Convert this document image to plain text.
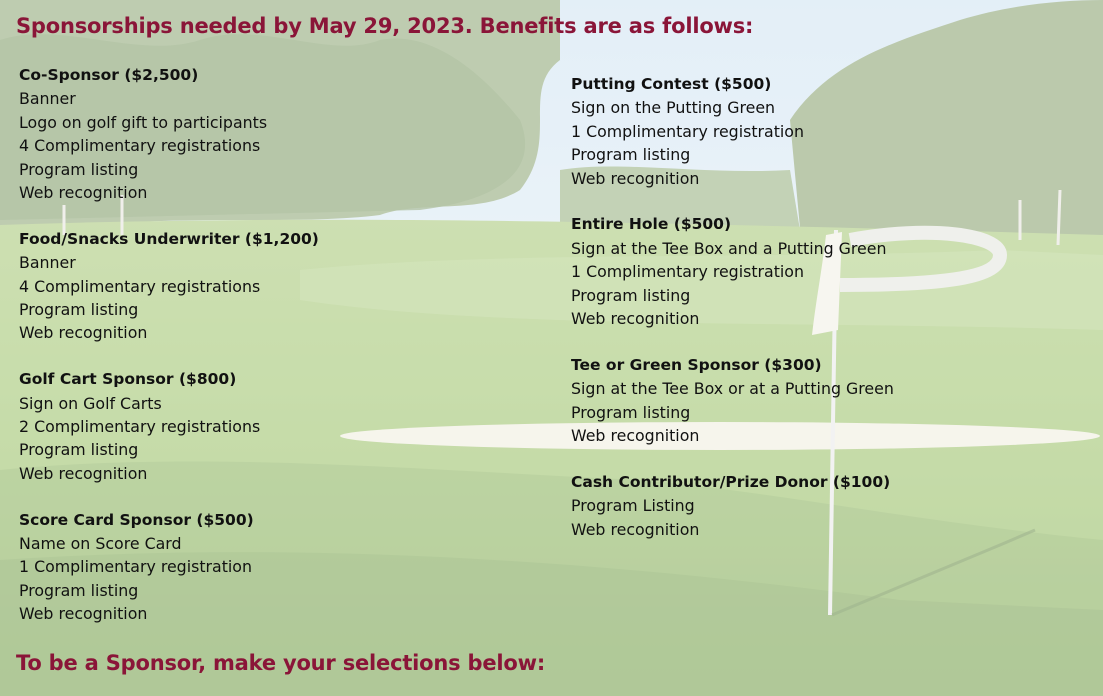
Sponsorships needed by May 29, 2023. Benefits are as follows:
Co-Sponsor ($2,500)
Banner
Logo on golf gift to participants
4 Complimentary registrations
Program listing
Web recognition
Food/Snacks Underwriter ($1,200)
Banner
4 Complimentary registrations
Program listing
Web recognition
Golf Cart Sponsor ($800)
Sign on Golf Carts
2 Complimentary registrations
Program listing
Web recognition
Score Card Sponsor ($500)
Name on Score Card
1 Complimentary registration
Program listing
Web recognition
Putting Contest ($500)
Sign on the Putting Green
1 Complimentary registration
Program listing
Web recognition
Entire Hole ($500)
Sign at the Tee Box and a Putting Green
1 Complimentary registration
Program listing
Web recognition
Tee or Green Sponsor ($300)
Sign at the Tee Box or at a Putting Green
Program listing
Web recognition
Cash Contributor/Prize Donor ($100)
Program Listing
Web recognition
To be a Sponsor, make your selections below:
